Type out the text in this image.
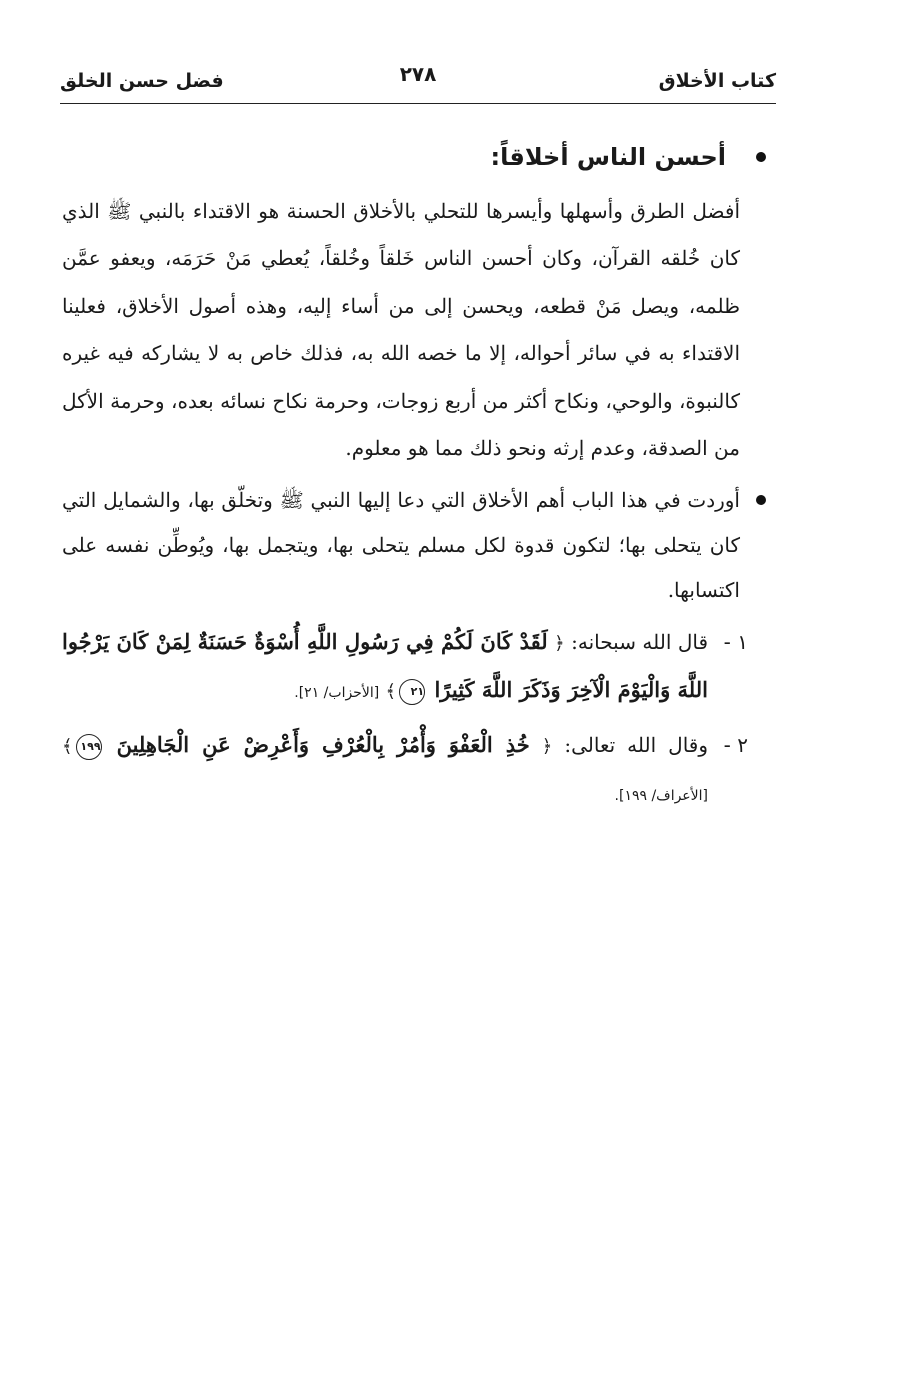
كتاب الأخلاق
٢٧٨
فضل حسن الخلق
أحسن الناس أخلاقاً:

أفضل الطرق وأسهلها وأيسرها للتحلي بالأخلاق الحسنة هو الاقتداء بالنبي ﷺ الذي كان خُلقه القرآن، وكان أحسن الناس خَلقاً وخُلقاً، يُعطي مَنْ حَرَمَه، ويعفو عمَّن ظلمه، ويصل مَنْ قطعه، ويحسن إلى من أساء إليه، وهذه أصول الأخلاق، فعلينا الاقتداء به في سائر أحواله، إلا ما خصه الله به، فذلك خاص به لا يشاركه فيه غيره كالنبوة، والوحي، ونكاح أكثر من أربع زوجات، وحرمة نكاح نسائه بعده، وحرمة الأكل من الصدقة، وعدم إرثه ونحو ذلك مما هو معلوم.

أوردت في هذا الباب أهم الأخلاق التي دعا إليها النبي ﷺ وتخلّق بها، والشمايل التي كان يتحلى بها؛ لتكون قدوة لكل مسلم يتحلى بها، ويتجمل بها، ويُوطِّن نفسه على اكتسابها.

١ -

قال الله سبحانه: ﴿ لَقَدْ كَانَ لَكُمْ فِي رَسُولِ اللَّهِ أُسْوَةٌ حَسَنَةٌ لِمَنْ كَانَ يَرْجُوا اللَّهَ وَالْيَوْمَ الْآخِرَ وَذَكَرَ اللَّهَ كَثِيرًا ٢١﴾ [الأحزاب/ ٢١].

٢ -

وقال الله تعالى: ﴿ خُذِ الْعَفْوَ وَأْمُرْ بِالْعُرْفِ وَأَعْرِضْ عَنِ الْجَاهِلِينَ ١٩٩﴾ [الأعراف/ ١٩٩].
